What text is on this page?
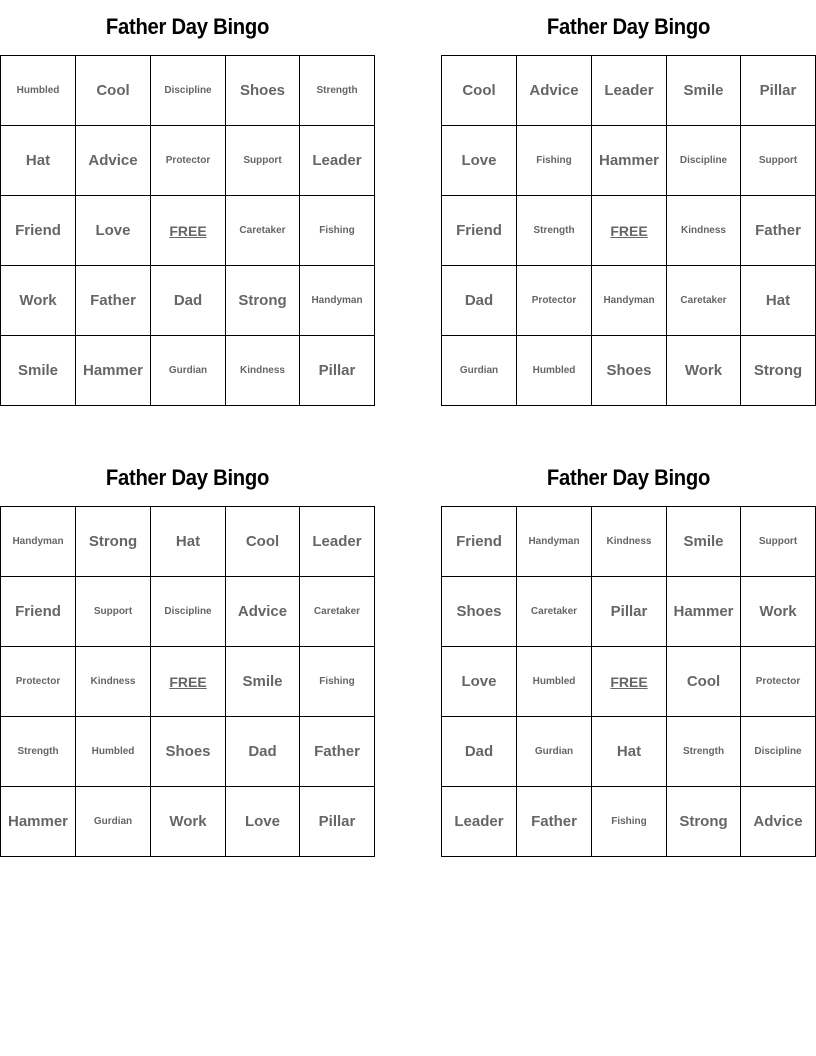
Father Day Bingo
Humbled	Cool	Discipline	Shoes	Strength
Hat	Advice	Protector	Support	Leader
Friend	Love	FREE	Caretaker	Fishing
Work	Father	Dad	Strong	Handyman
Smile	Hammer	Gurdian	Kindness	Pillar
Father Day Bingo
Cool	Advice	Leader	Smile	Pillar
Love	Fishing	Hammer	Discipline	Support
Friend	Strength	FREE	Kindness	Father
Dad	Protector	Handyman	Caretaker	Hat
Gurdian	Humbled	Shoes	Work	Strong
Father Day Bingo
Handyman	Strong	Hat	Cool	Leader
Friend	Support	Discipline	Advice	Caretaker
Protector	Kindness	FREE	Smile	Fishing
Strength	Humbled	Shoes	Dad	Father
Hammer	Gurdian	Work	Love	Pillar
Father Day Bingo
Friend	Handyman	Kindness	Smile	Support
Shoes	Caretaker	Pillar	Hammer	Work
Love	Humbled	FREE	Cool	Protector
Dad	Gurdian	Hat	Strength	Discipline
Leader	Father	Fishing	Strong	Advice
